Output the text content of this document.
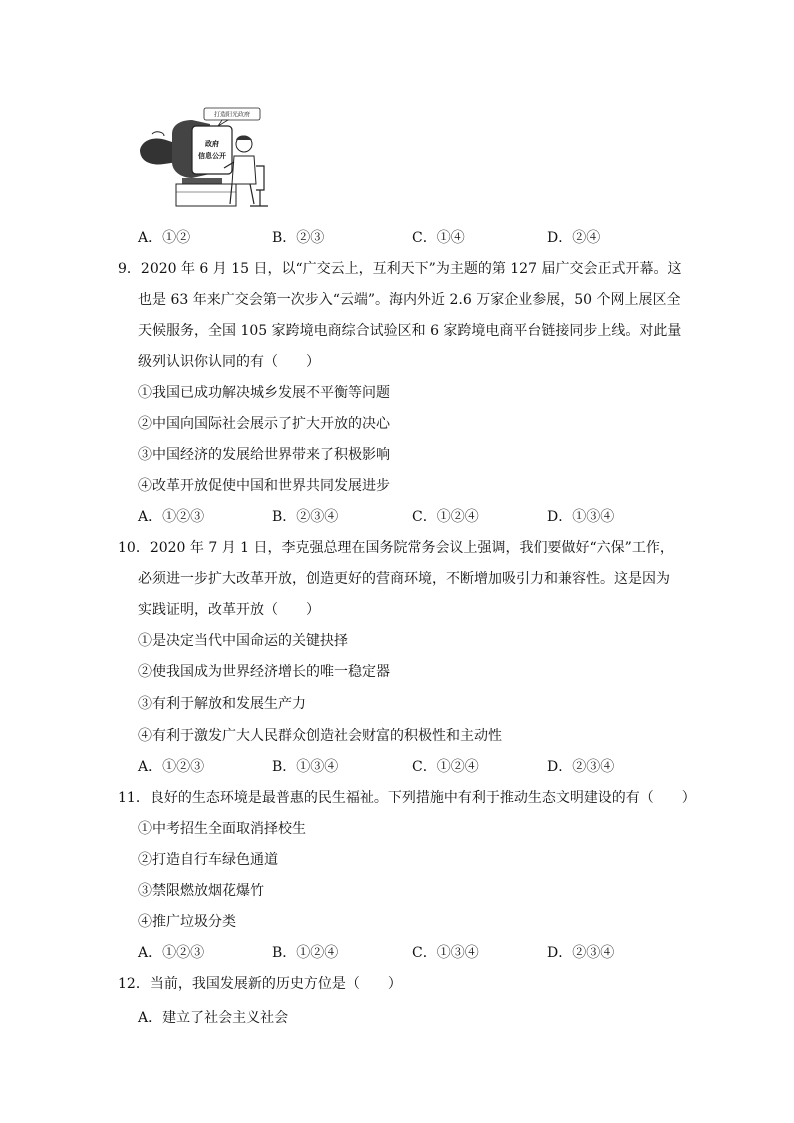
打造阳光政府
政府
信息公开
A．①②	B．②③	C．①④	D．②④
9．2020 年 6 月 15 日，以“广交云上，互利天下”为主题的第 127 届广交会正式开幕。这
也是 63 年来广交会第一次步入“云端”。海内外近 2.6 万家企业参展，50 个网上展区全
天候服务，全国 105 家跨境电商综合试验区和 6 家跨境电商平台链接同步上线。对此量
级列认识你认同的有（　　）
①我国已成功解决城乡发展不平衡等问题
②中国向国际社会展示了扩大开放的决心
③中国经济的发展给世界带来了积极影响
④改革开放促使中国和世界共同发展进步
A．①②③	B．②③④	C．①②④	D．①③④
10．2020 年 7 月 1 日，李克强总理在国务院常务会议上强调，我们要做好“六保”工作，
必须进一步扩大改革开放，创造更好的营商环境，不断增加吸引力和兼容性。这是因为
实践证明，改革开放（　　）
①是决定当代中国命运的关键抉择
②使我国成为世界经济增长的唯一稳定器
③有利于解放和发展生产力
④有利于激发广大人民群众创造社会财富的积极性和主动性
A．①②③	B．①③④	C．①②④	D．②③④
11．良好的生态环境是最普惠的民生福祉。下列措施中有利于推动生态文明建设的有（　　）
①中考招生全面取消择校生
②打造自行车绿色通道
③禁限燃放烟花爆竹
④推广垃圾分类
A．①②③	B．①②④	C．①③④	D．②③④
12．当前，我国发展新的历史方位是（　　）
A．建立了社会主义社会
